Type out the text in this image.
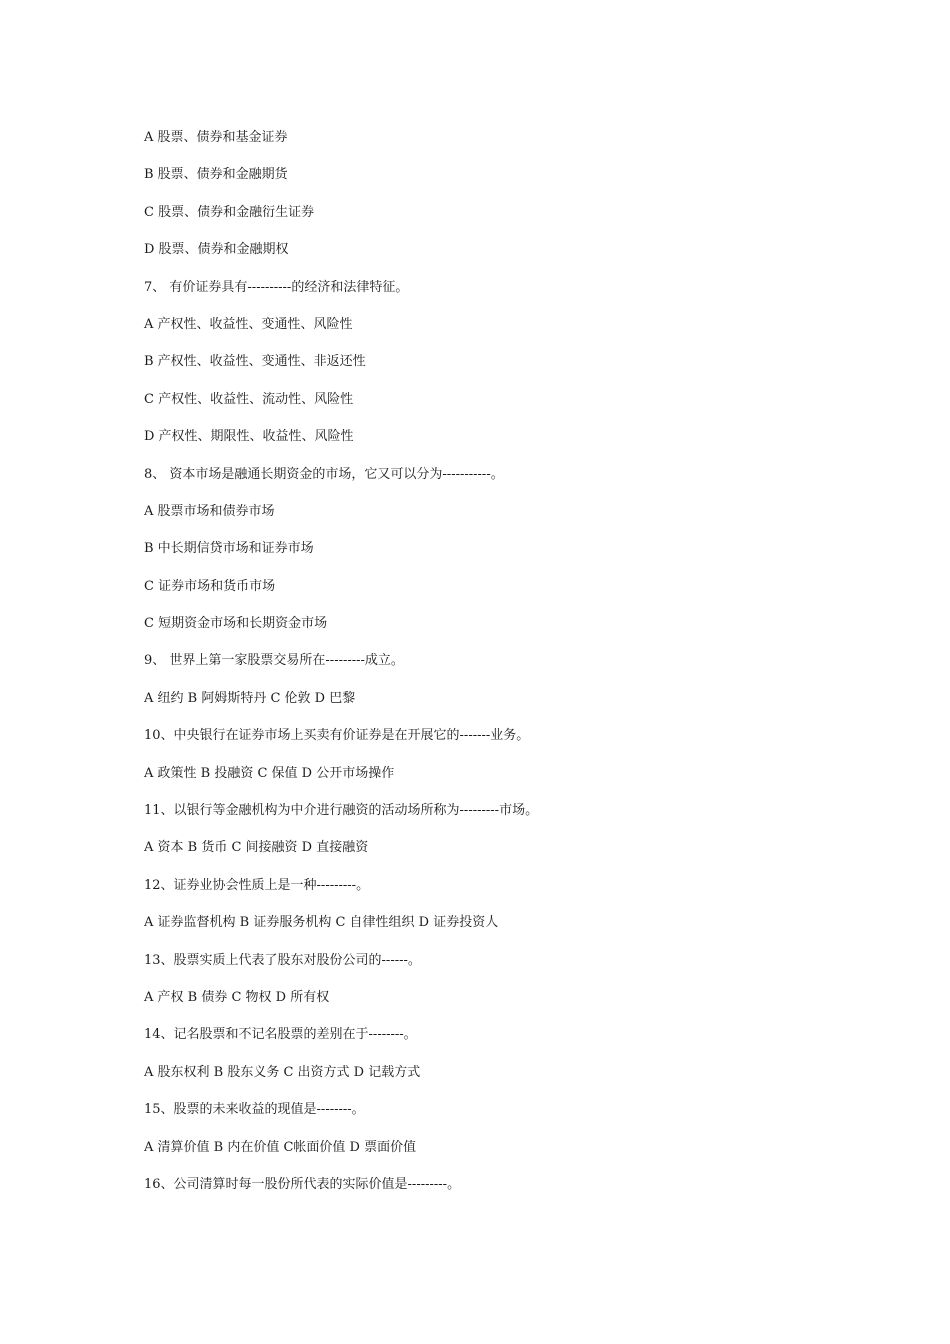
A 股票、债券和基金证券
B 股票、债券和金融期货
C 股票、债券和金融衍生证券
D 股票、债券和金融期权
7、 有价证券具有----------的经济和法律特征。
A 产权性、收益性、变通性、风险性
B 产权性、收益性、变通性、非返还性
C 产权性、收益性、流动性、风险性
D 产权性、期限性、收益性、风险性
8、 资本市场是融通长期资金的市场，它又可以分为-----------。
A 股票市场和债券市场
B 中长期信贷市场和证券市场
C 证券市场和货币市场
C 短期资金市场和长期资金市场
9、 世界上第一家股票交易所在---------成立。
A 纽约 B 阿姆斯特丹 C 伦敦 D 巴黎
10、中央银行在证券市场上买卖有价证券是在开展它的-------业务。
A 政策性 B 投融资 C 保值 D 公开市场操作
11、以银行等金融机构为中介进行融资的活动场所称为---------市场。
A 资本 B 货币 C 间接融资 D 直接融资
12、证券业协会性质上是一种---------。
A 证券监督机构 B 证券服务机构 C 自律性组织 D 证券投资人
13、股票实质上代表了股东对股份公司的------。
A 产权 B 债券 C 物权 D 所有权
14、记名股票和不记名股票的差别在于--------。
A 股东权利 B 股东义务 C 出资方式 D 记载方式
15、股票的未来收益的现值是--------。
A 清算价值 B 内在价值 C帐面价值 D 票面价值
16、公司清算时每一股份所代表的实际价值是---------。
